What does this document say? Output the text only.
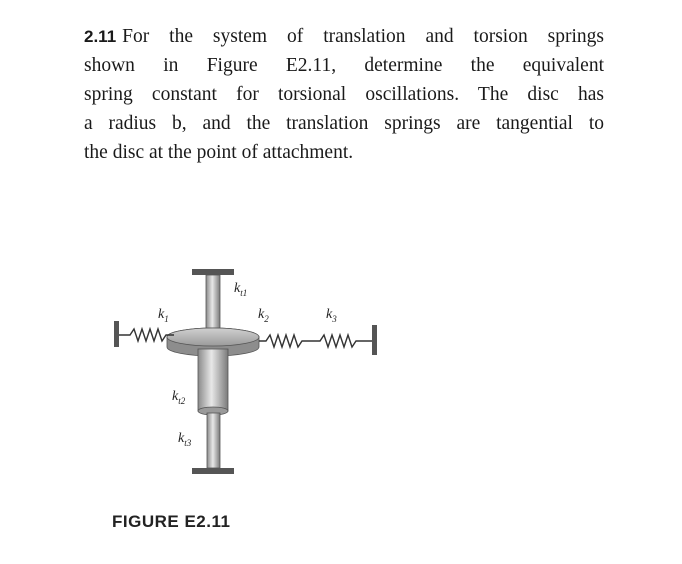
2.11 For the system of translation and torsion springs
shown in Figure E2.11, determine the equivalent
spring constant for torsional oscillations. The disc has
a radius b, and the translation springs are tangential to
the disc at the point of attachment.
$k_{t1}$
$k_1$	$k_2$	$k_3$
$k_{t2}$
$k_{t3}$
FIGURE E2.11
